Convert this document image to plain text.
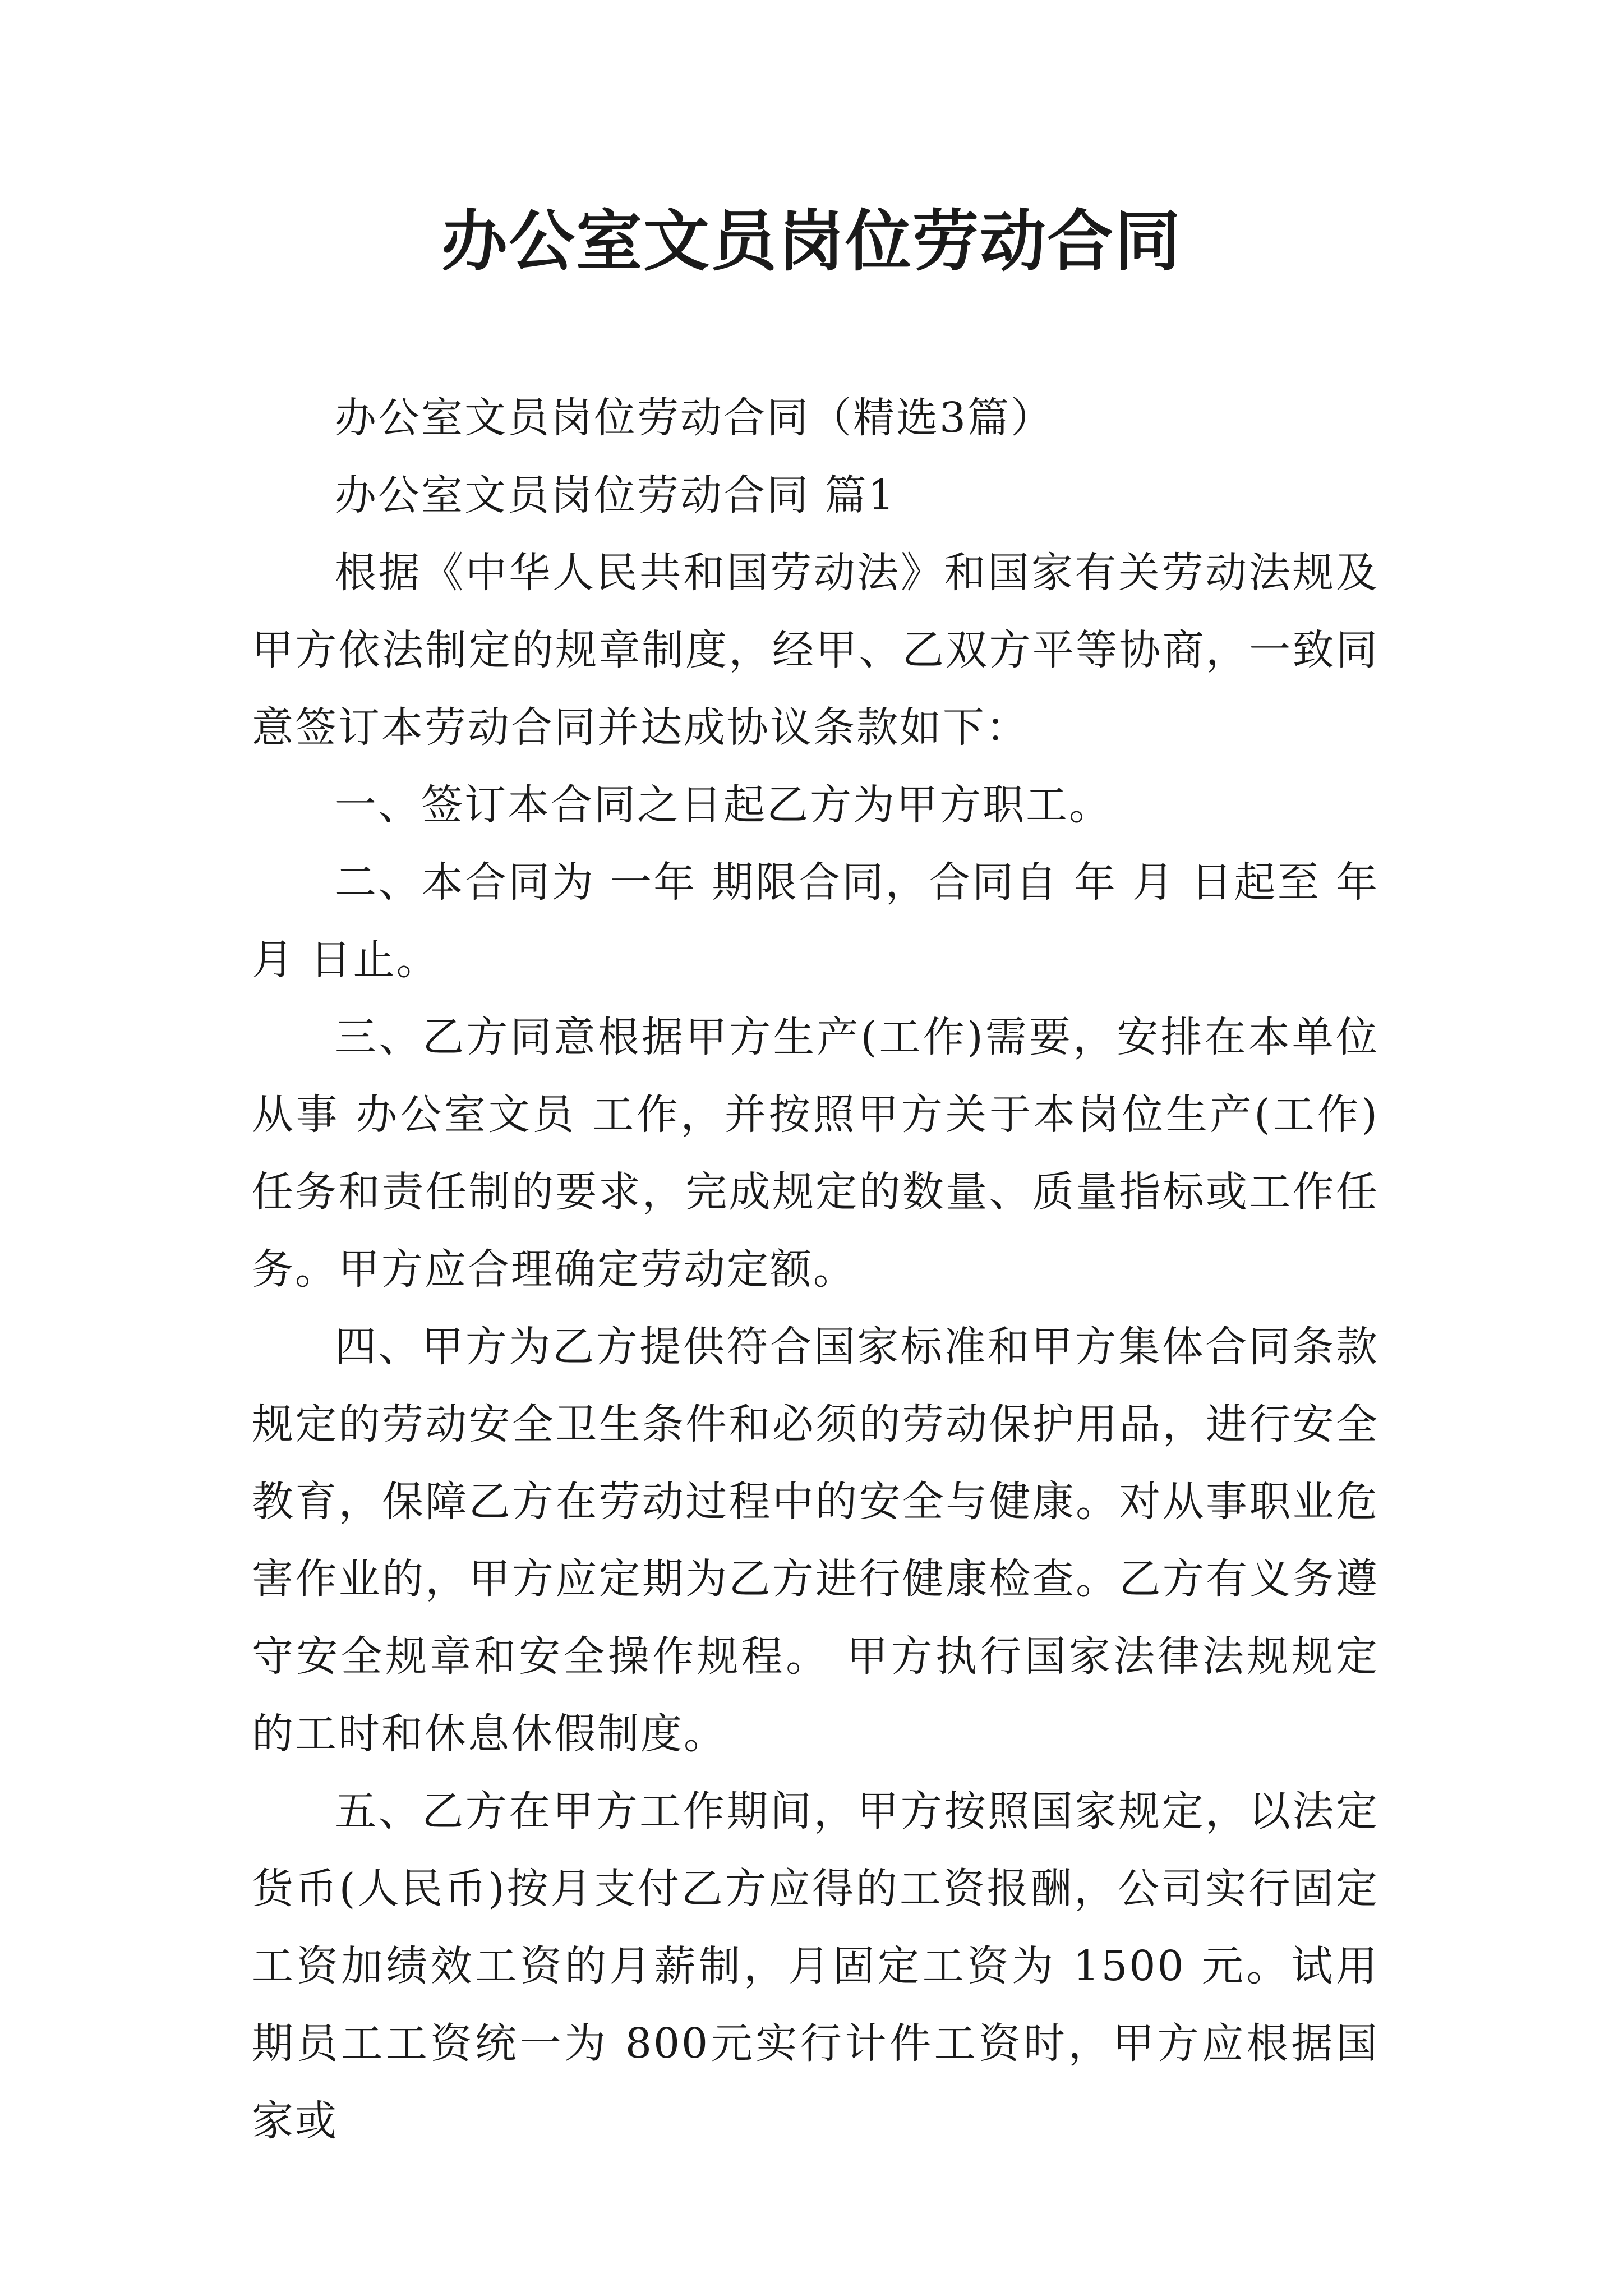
办公室文员岗位劳动合同

办公室文员岗位劳动合同（精选3篇）

办公室文员岗位劳动合同 篇1

根据《中华人民共和国劳动法》和国家有关劳动法规及甲方依法制定的规章制度，经甲、乙双方平等协商，一致同意签订本劳动合同并达成协议条款如下：

一、签订本合同之日起乙方为甲方职工。

二、本合同为 一年 期限合同，合同自 年 月 日起至 年 月 日止。

三、乙方同意根据甲方生产(工作)需要，安排在本单位从事 办公室文员 工作，并按照甲方关于本岗位生产(工作)任务和责任制的要求，完成规定的数量、质量指标或工作任务。甲方应合理确定劳动定额。

四、甲方为乙方提供符合国家标准和甲方集体合同条款规定的劳动安全卫生条件和必须的劳动保护用品，进行安全教育，保障乙方在劳动过程中的安全与健康。对从事职业危害作业的，甲方应定期为乙方进行健康检查。乙方有义务遵守安全规章和安全操作规程。 甲方执行国家法律法规规定的工时和休息休假制度。

五、乙方在甲方工作期间，甲方按照国家规定，以法定货币(人民币)按月支付乙方应得的工资报酬，公司实行固定工资加绩效工资的月薪制，月固定工资为 1500 元。试用期员工工资统一为 800元实行计件工资时，甲方应根据国家或
